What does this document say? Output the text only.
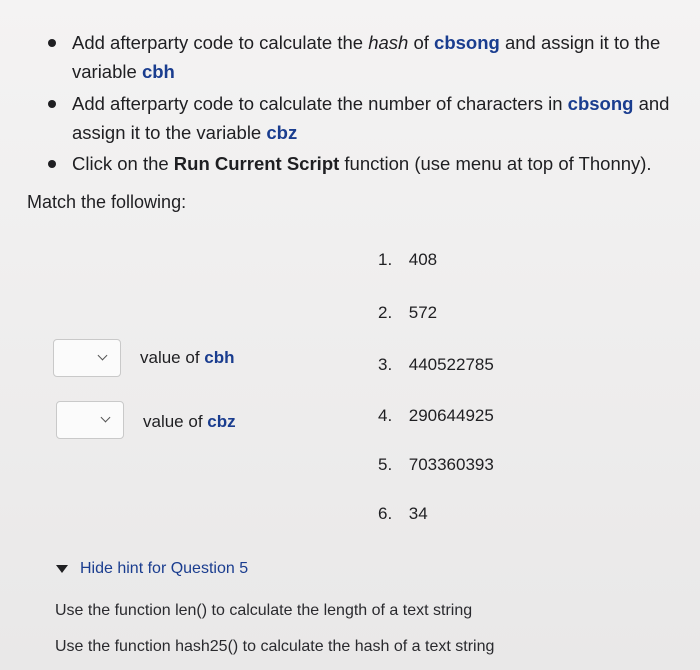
Add afterparty code to calculate the hash of cbsong and assign it to the variable cbh
Add afterparty code to calculate the number of characters in cbsong and assign it to the variable cbz
Click on the Run Current Script function (use menu at top of Thonny).
Match the following:
1. 408
2. 572
3. 440522785
4. 290644925
5. 703360393
6. 34
value of cbh
value of cbz
Hide hint for Question 5
Use the function len() to calculate the length of a text string
Use the function hash25() to calculate the hash of a text string
